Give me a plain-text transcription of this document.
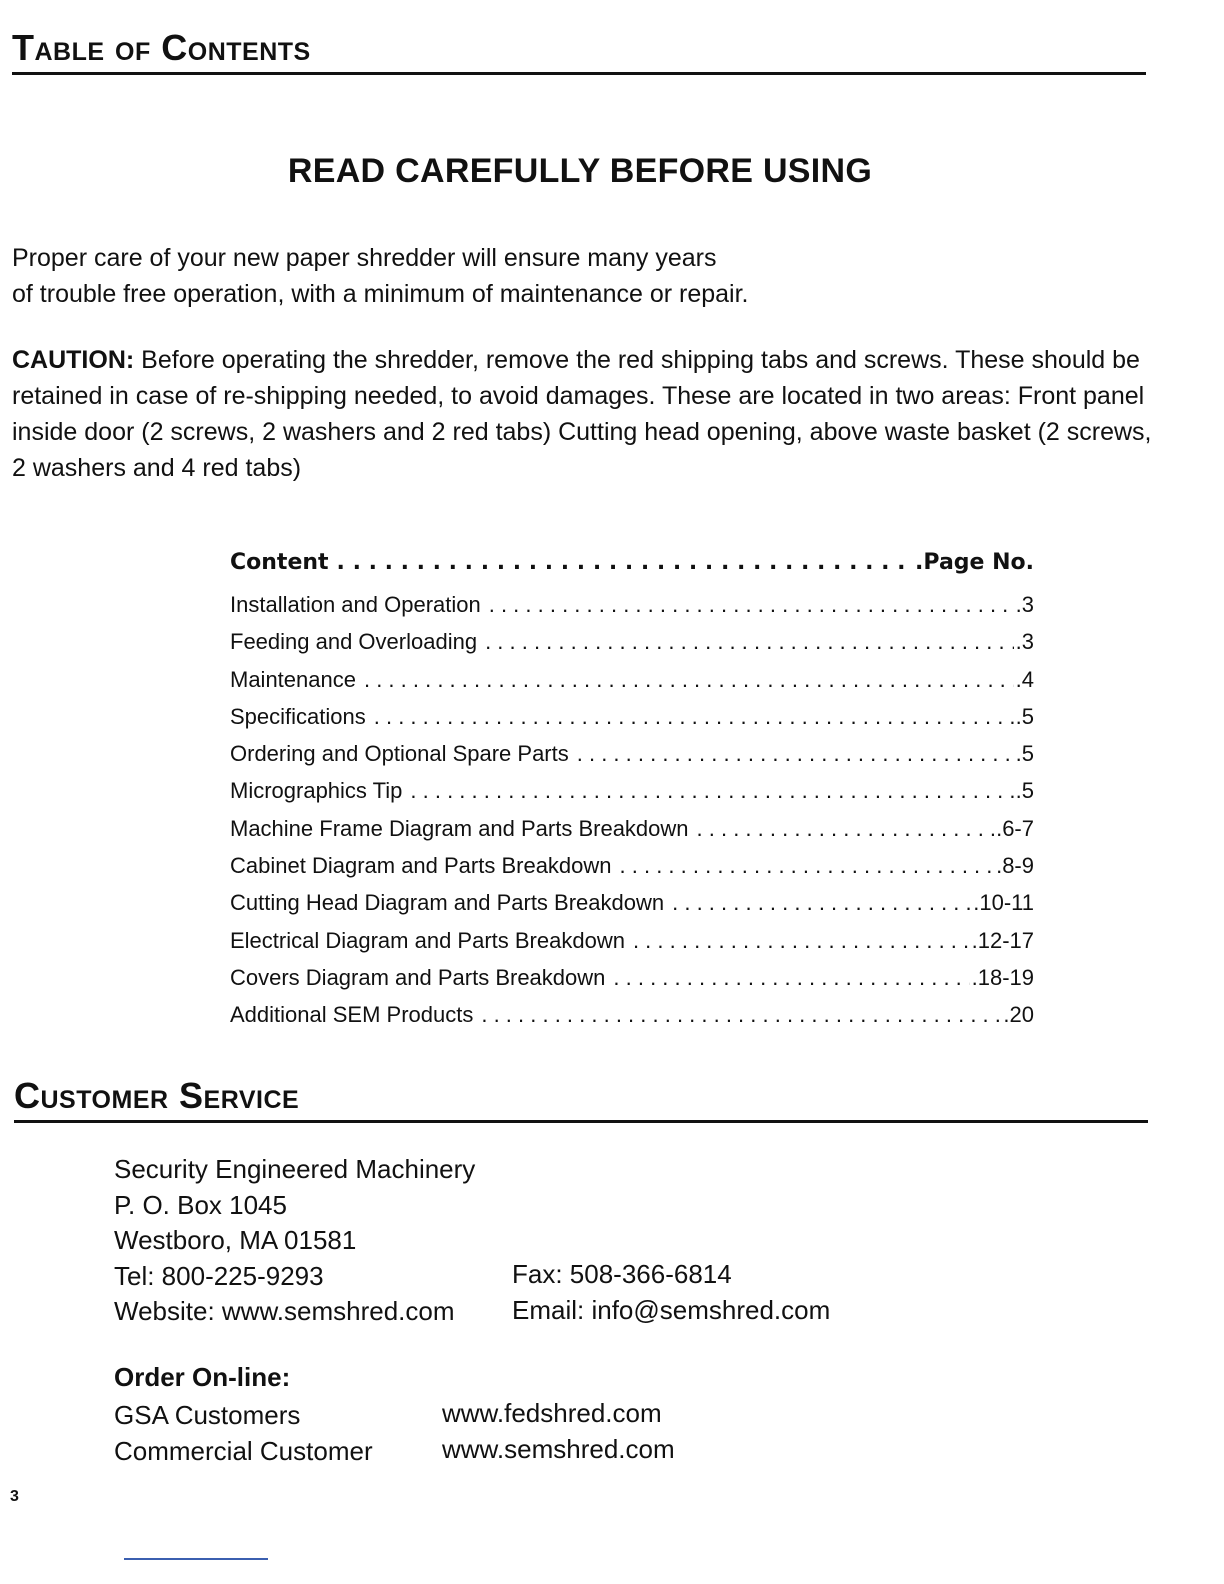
Table of Contents
READ CAREFULLY BEFORE USING
Proper care of your new paper shredder will ensure many years
of trouble free operation, with a minimum of maintenance or repair.
CAUTION: Before operating the shredder, remove the red shipping tabs and screws. These should be retained in case of re-shipping needed, to avoid damages. These are located in two areas: Front panel inside door (2 screws, 2 washers and 2 red tabs) Cutting head opening, above waste basket (2 screws, 2 washers and 4 red tabs)
Content . . .	.Page No.
Installation and Operation . . .	.3
Feeding and Overloading . . .	.3
Maintenance . . .	.4
Specifications . . .	.5
Ordering and Optional Spare Parts . . .	.5
Micrographics Tip . . .	.5
Machine Frame Diagram and Parts Breakdown . . .	.6-7
Cabinet Diagram and Parts Breakdown . . .	.8-9
Cutting Head Diagram and Parts Breakdown . . .	.10-11
Electrical Diagram and Parts Breakdown . . .	.12-17
Covers Diagram and Parts Breakdown . . .	.18-19
Additional SEM Products . . .	.20
Customer Service
Security Engineered Machinery
P. O. Box 1045
Westboro, MA 01581
Tel: 800-225-9293
Website: www.semshred.com
Fax: 508-366-6814
Email: info@semshred.com
Order On-line:
GSA Customers	www.fedshred.com
Commercial Customer	www.semshred.com
3
